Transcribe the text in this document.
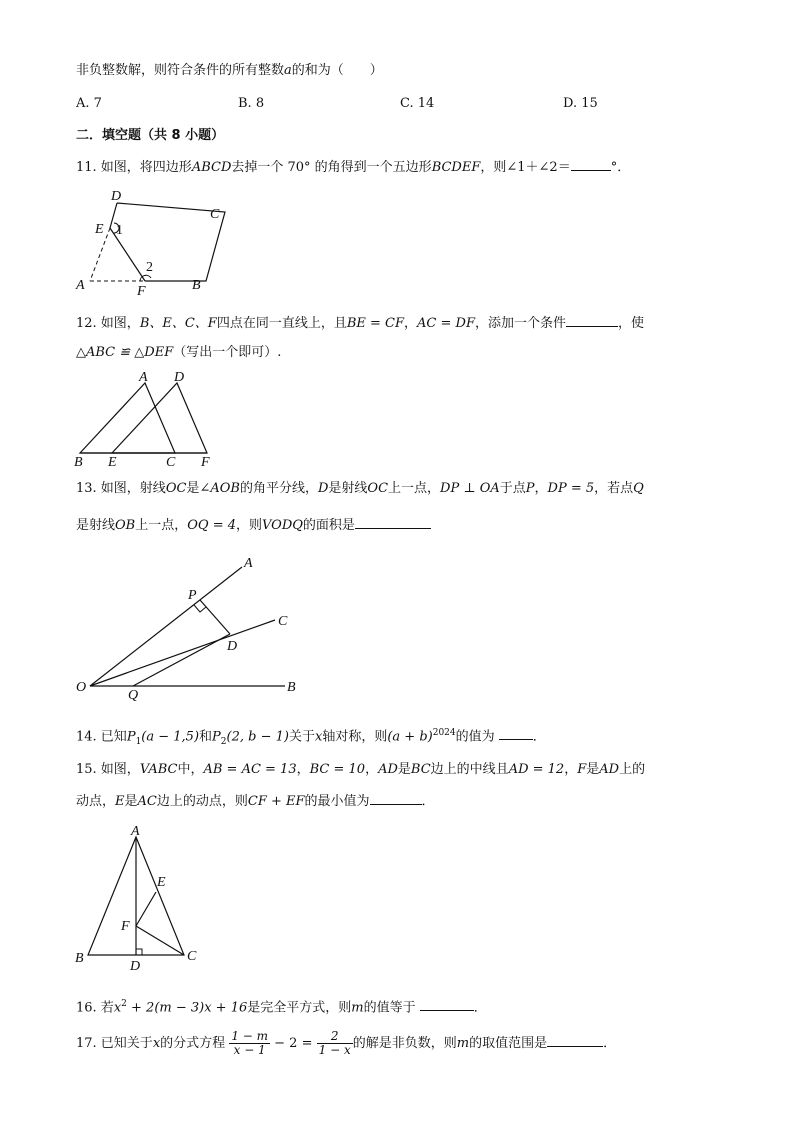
非负整数解，则符合条件的所有整数a的和为（　　）
A. 7	B. 8	C. 14	D. 15
二．填空题（共 8 小题）
11. 如图，将四边形ABCD去掉一个 70° 的角得到一个五边形BCDEF，则∠1＋∠2＝	°．
D
C
E 1
2
A	F	B
12. 如图，B、E、C、F四点在同一直线上，且BE = CF，AC = DF，添加一个条件	，使
△ABC ≌ △DEF（写出一个即可）.
A D
B E	C F
13. 如图，射线OC是∠AOB的角平分线，D是射线OC上一点，DP ⊥ OA于点P，DP = 5，若点Q
是射线OB上一点，OQ = 4，则VODQ的面积是
A
P
C
D
O
Q
B
14. 已知$P_1(a - 1,5)$和$P_2(2$, b − 1)关于x轴对称，则$(a + b)^{2024}$的值为	．
15. 如图，VABC中，AB = AC = 13，BC = 10，AD是BC边上的中线且AD = 12，F是AD上的
动点，E是AC边上的动点，则CF + EF的最小值为	．
A
E
F
B
D
C
16. 若$x^2 + 2(m - 3)x + 16$是完全平方式，则m的值等于	．
17. 已知关于x的分式方程 $\frac{1 - m}{x - 1} - 2 = \frac{2}{1 - x}$ 的解是非负数，则m的取值范围是	．
